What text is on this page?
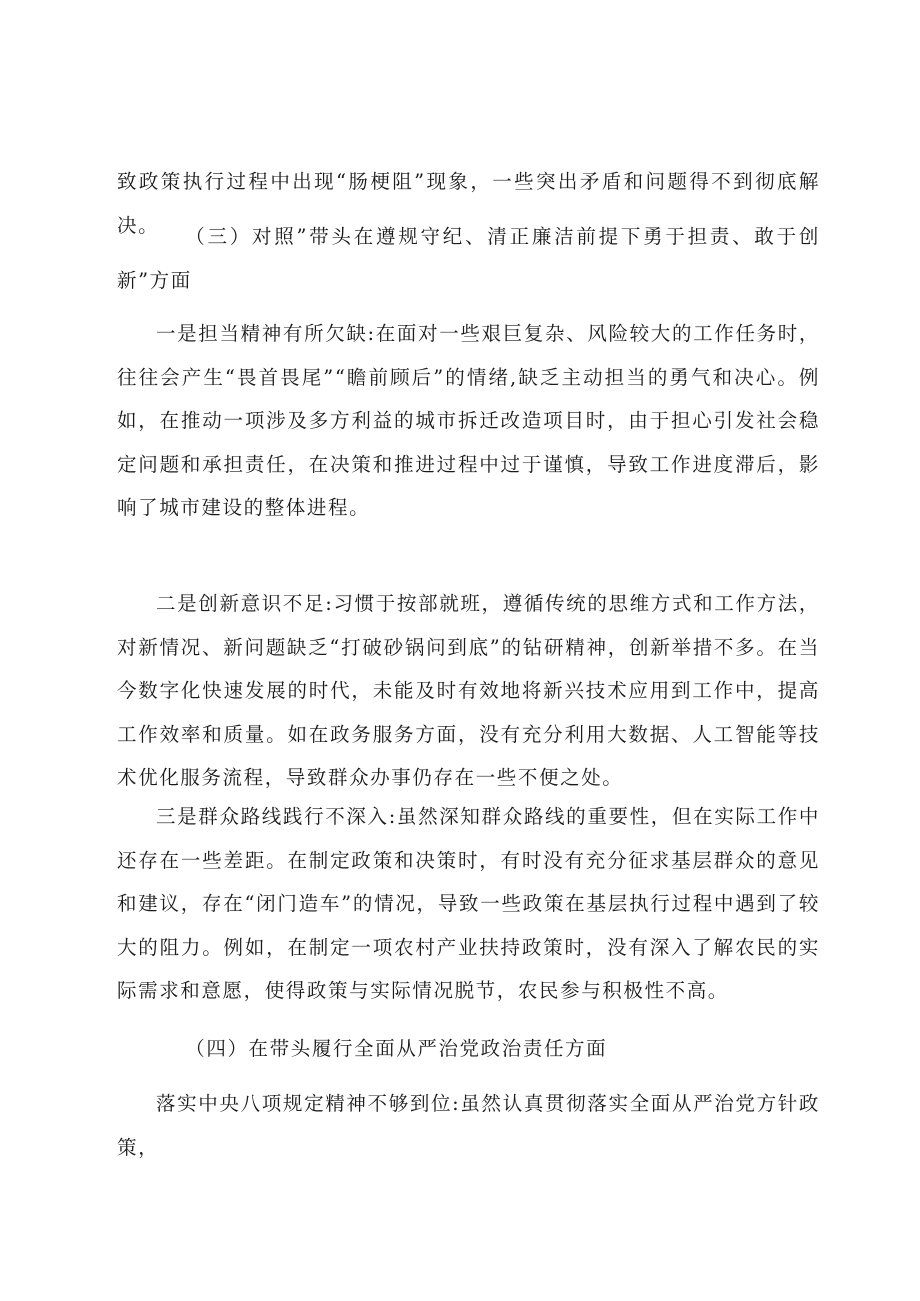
致政策执行过程中出现“肠梗阻”现象，一些突出矛盾和问题得不到彻底解决。	（三）对照”带头在遵规守纪、清正廉洁前提下勇于担责、敢于创新”方面

一是担当精神有所欠缺:在面对一些艰巨复杂、风险较大的工作任务时，往往会产生“畏首畏尾”“瞻前顾后”的情绪,缺乏主动担当的勇气和决心。例如，在推动一项涉及多方利益的城市拆迁改造项目时，由于担心引发社会稳定问题和承担责任，在决策和推进过程中过于谨慎，导致工作进度滞后，影响了城市建设的整体进程。

二是创新意识不足:习惯于按部就班，遵循传统的思维方式和工作方法，对新情况、新问题缺乏“打破砂锅问到底”的钻研精神，创新举措不多。在当今数字化快速发展的时代，未能及时有效地将新兴技术应用到工作中，提高工作效率和质量。如在政务服务方面，没有充分利用大数据、人工智能等技术优化服务流程，导致群众办事仍存在一些不便之处。

三是群众路线践行不深入:虽然深知群众路线的重要性，但在实际工作中还存在一些差距。在制定政策和决策时，有时没有充分征求基层群众的意见和建议，存在“闭门造车”的情况，导致一些政策在基层执行过程中遇到了较大的阻力。例如，在制定一项农村产业扶持政策时，没有深入了解农民的实际需求和意愿，使得政策与实际情况脱节，农民参与积极性不高。

（四）在带头履行全面从严治党政治责任方面

落实中央八项规定精神不够到位:虽然认真贯彻落实全面从严治党方针政策，
